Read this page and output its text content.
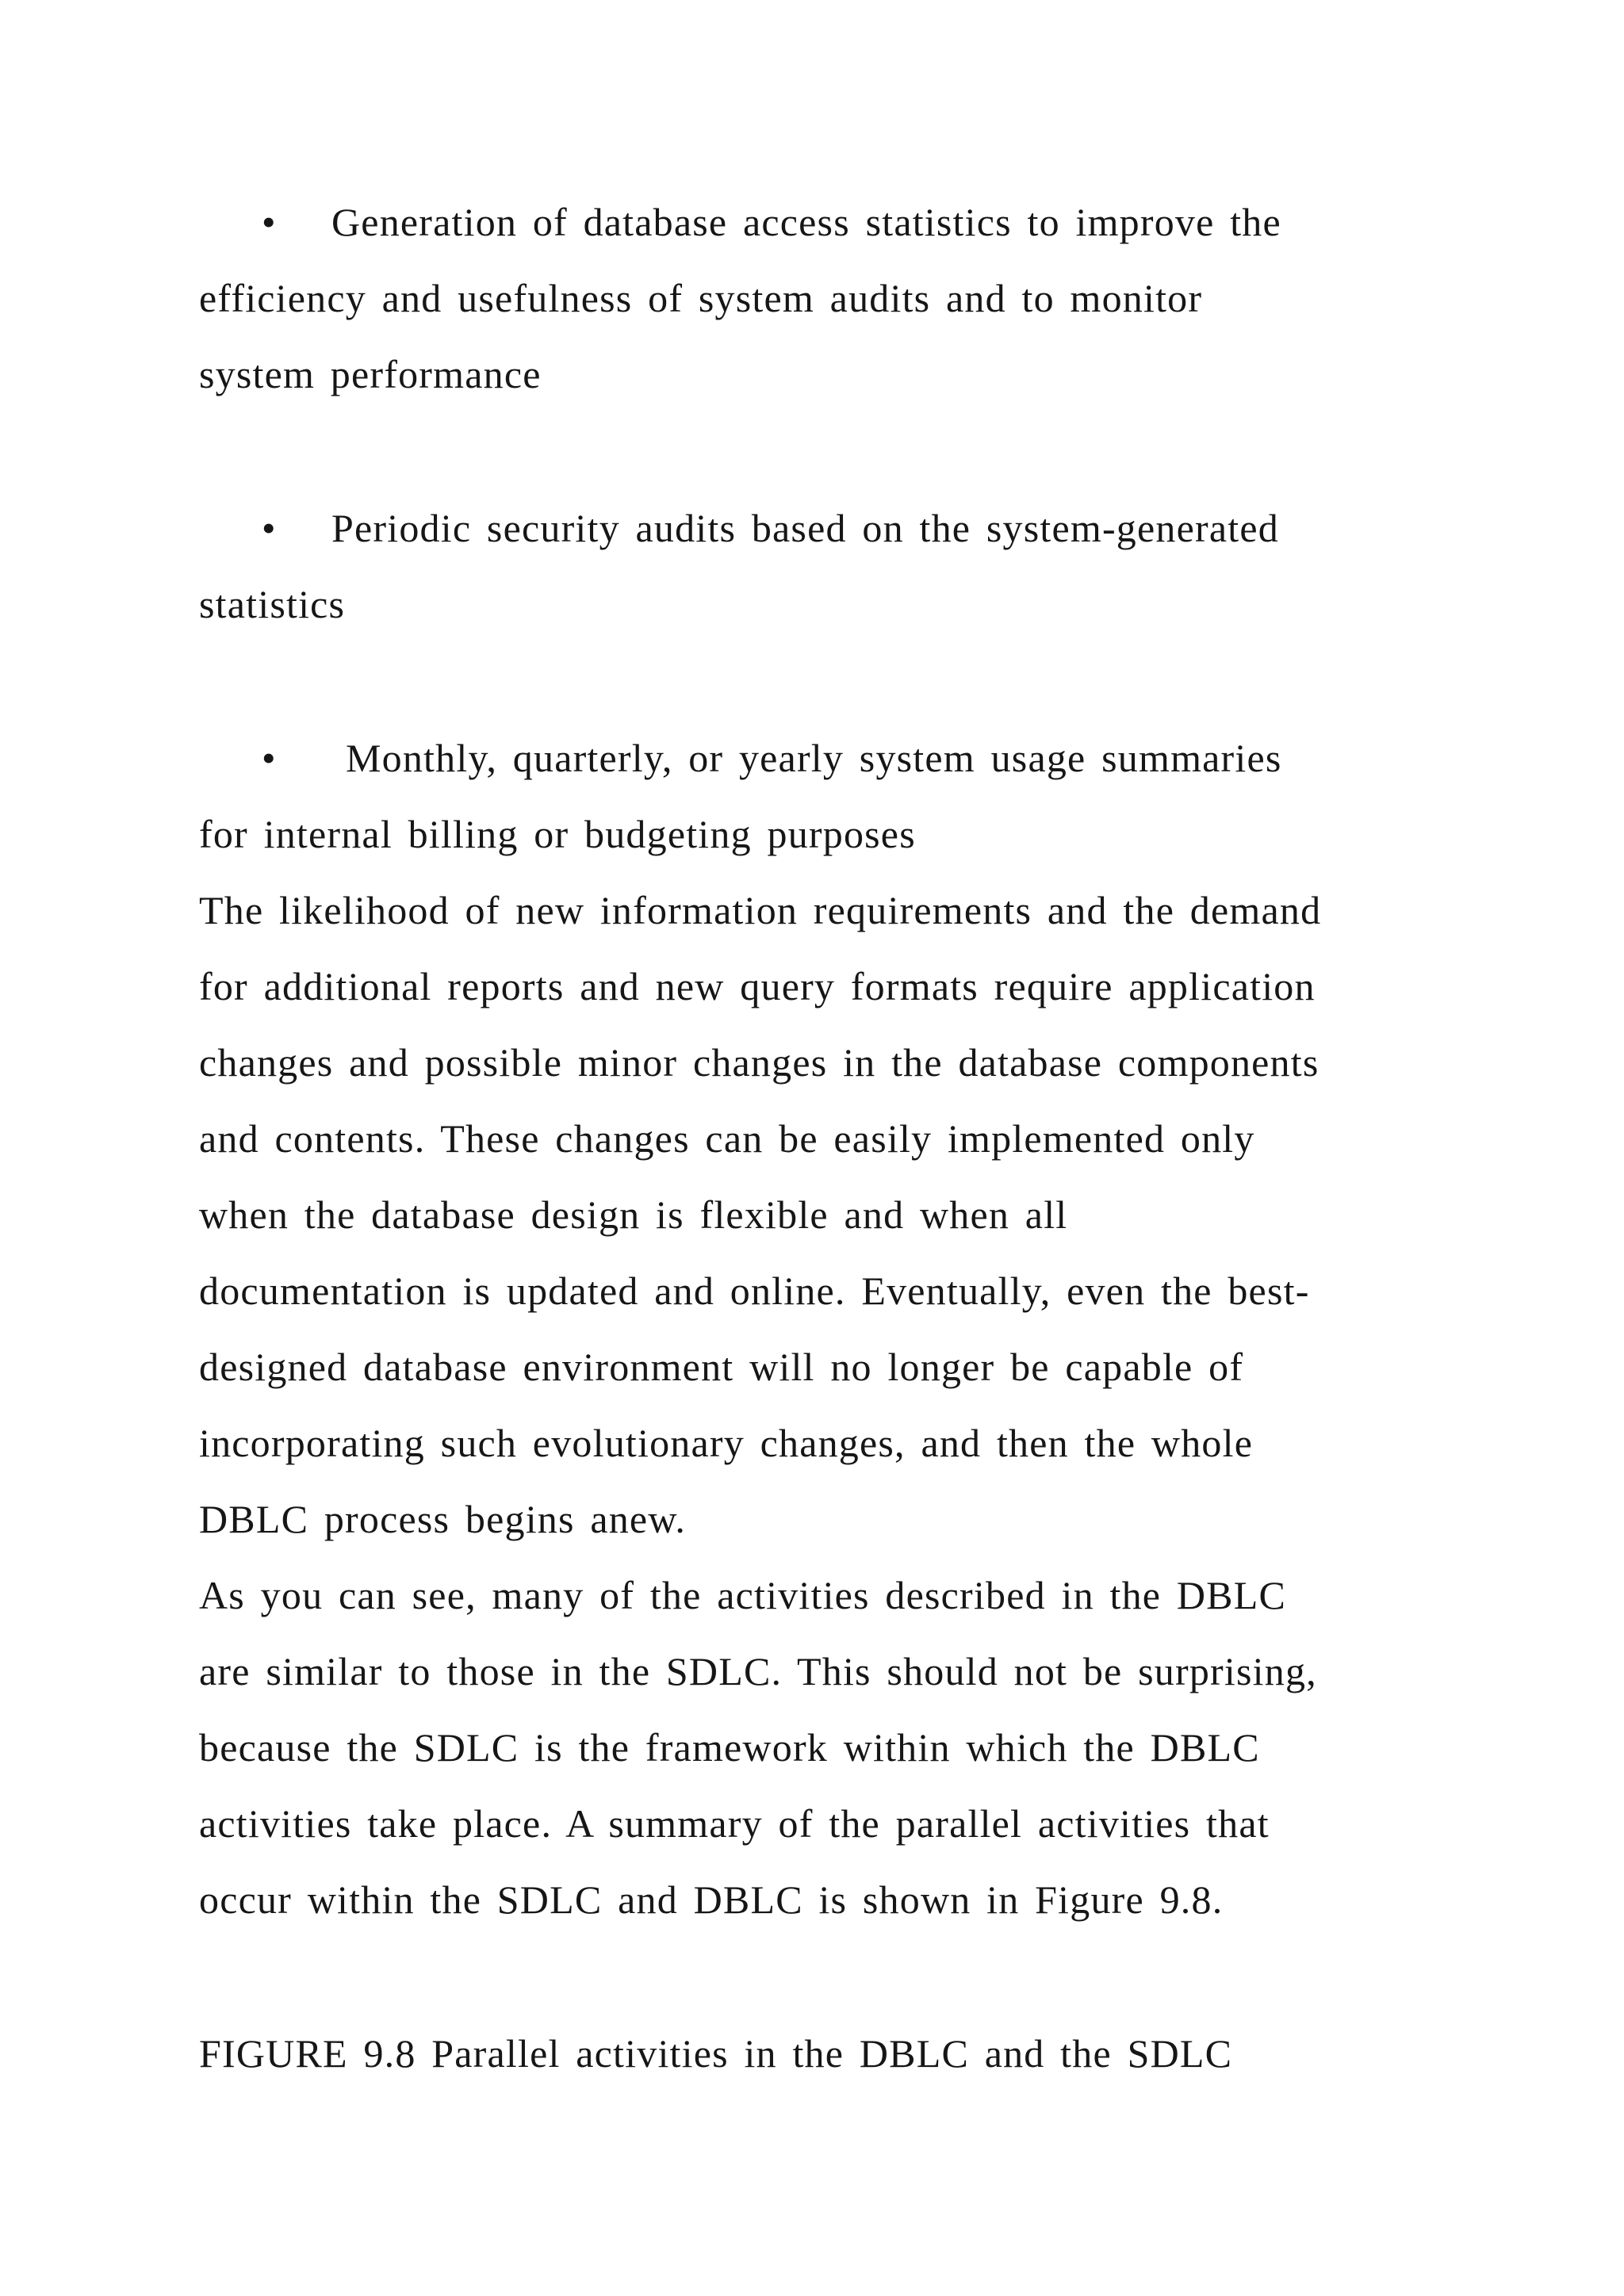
• Generation of database access statistics to improve the
efficiency and usefulness of system audits and to monitor
system performance
• Periodic security audits based on the system-generated
statistics
• Monthly, quarterly, or yearly system usage summaries
for internal billing or budgeting purposes
The likelihood of new information requirements and the demand
for additional reports and new query formats require application
changes and possible minor changes in the database components
and contents. These changes can be easily implemented only
when the database design is flexible and when all
documentation is updated and online. Eventually, even the best-
designed database environment will no longer be capable of
incorporating such evolutionary changes, and then the whole
DBLC process begins anew.
As you can see, many of the activities described in the DBLC
are similar to those in the SDLC. This should not be surprising,
because the SDLC is the framework within which the DBLC
activities take place. A summary of the parallel activities that
occur within the SDLC and DBLC is shown in Figure 9.8.
FIGURE 9.8 Parallel activities in the DBLC and the SDLC
